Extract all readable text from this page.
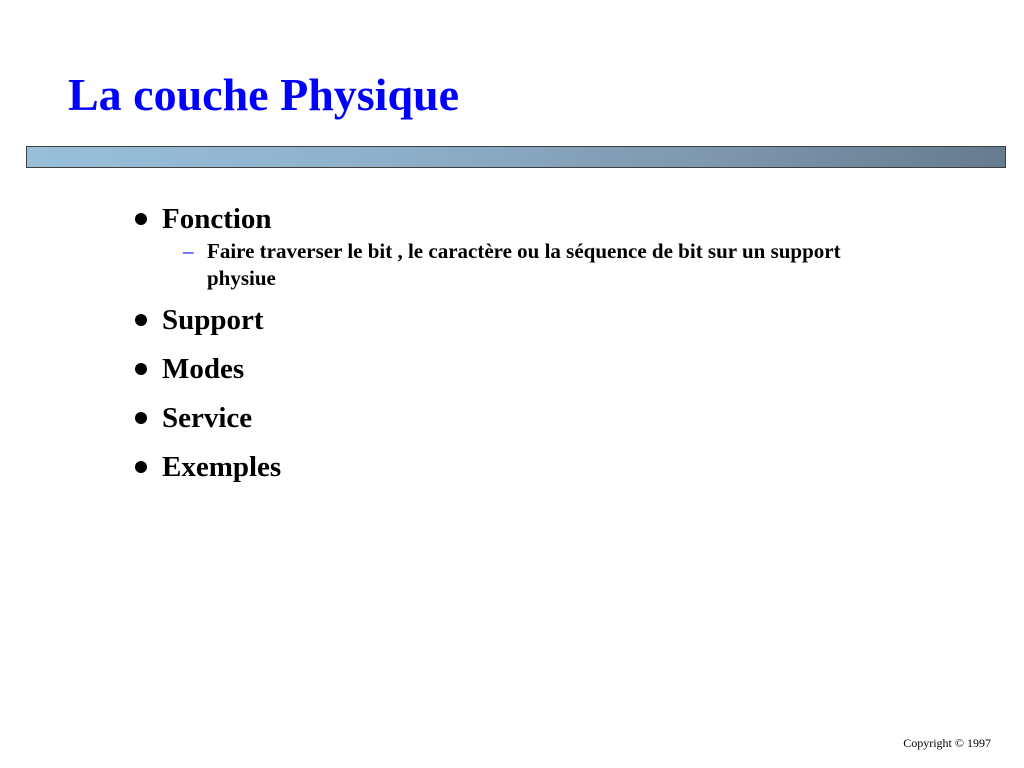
La couche Physique
Fonction
– Faire traverser le bit , le caractère ou la séquence de bit sur un support physiue
Support
Modes
Service
Exemples
Copyright © 1997
